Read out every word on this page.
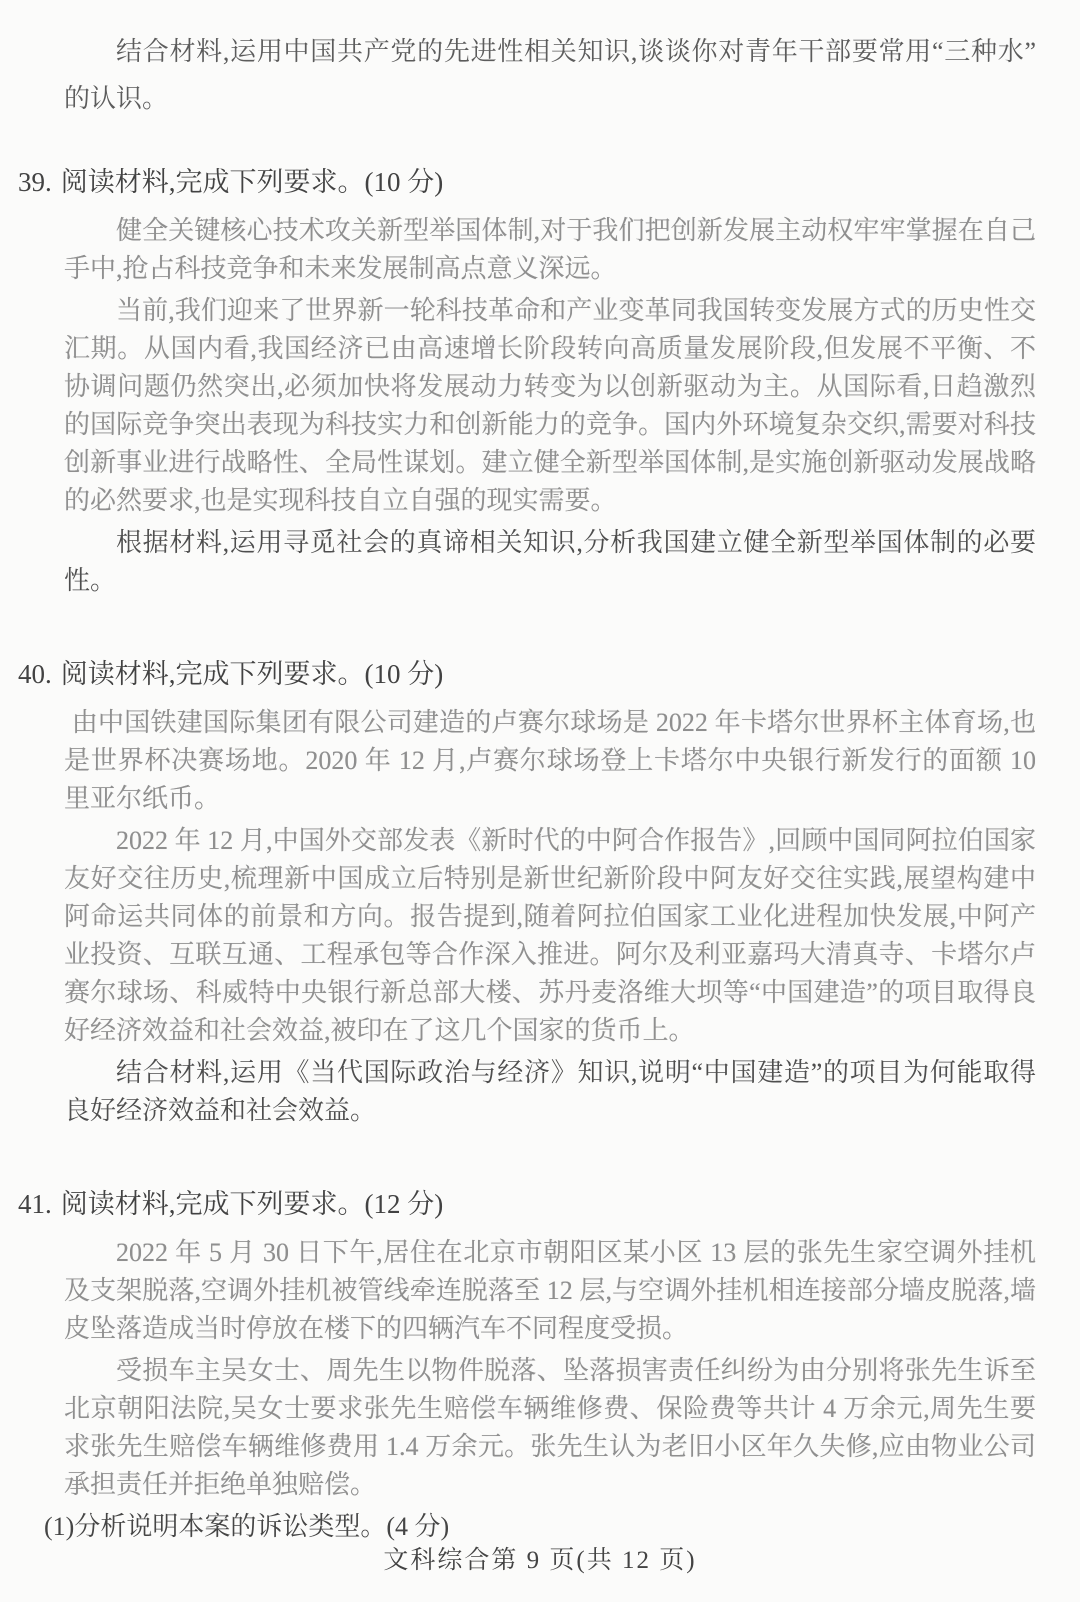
结合材料,运用中国共产党的先进性相关知识,谈谈你对青年干部要常用“三种水”的认识。

39. 阅读材料,完成下列要求。(10 分)

健全关键核心技术攻关新型举国体制,对于我们把创新发展主动权牢牢掌握在自己手中,抢占科技竞争和未来发展制高点意义深远。

当前,我们迎来了世界新一轮科技革命和产业变革同我国转变发展方式的历史性交汇期。从国内看,我国经济已由高速增长阶段转向高质量发展阶段,但发展不平衡、不协调问题仍然突出,必须加快将发展动力转变为以创新驱动为主。从国际看,日趋激烈的国际竞争突出表现为科技实力和创新能力的竞争。国内外环境复杂交织,需要对科技创新事业进行战略性、全局性谋划。建立健全新型举国体制,是实施创新驱动发展战略的必然要求,也是实现科技自立自强的现实需要。

根据材料,运用寻觅社会的真谛相关知识,分析我国建立健全新型举国体制的必要性。

40. 阅读材料,完成下列要求。(10 分)

由中国铁建国际集团有限公司建造的卢赛尔球场是 2022 年卡塔尔世界杯主体育场,也是世界杯决赛场地。2020 年 12 月,卢赛尔球场登上卡塔尔中央银行新发行的面额 10 里亚尔纸币。

2022 年 12 月,中国外交部发表《新时代的中阿合作报告》,回顾中国同阿拉伯国家友好交往历史,梳理新中国成立后特别是新世纪新阶段中阿友好交往实践,展望构建中阿命运共同体的前景和方向。报告提到,随着阿拉伯国家工业化进程加快发展,中阿产业投资、互联互通、工程承包等合作深入推进。阿尔及利亚嘉玛大清真寺、卡塔尔卢赛尔球场、科威特中央银行新总部大楼、苏丹麦洛维大坝等“中国建造”的项目取得良好经济效益和社会效益,被印在了这几个国家的货币上。

结合材料,运用《当代国际政治与经济》知识,说明“中国建造”的项目为何能取得良好经济效益和社会效益。

41. 阅读材料,完成下列要求。(12 分)

2022 年 5 月 30 日下午,居住在北京市朝阳区某小区 13 层的张先生家空调外挂机及支架脱落,空调外挂机被管线牵连脱落至 12 层,与空调外挂机相连接部分墙皮脱落,墙皮坠落造成当时停放在楼下的四辆汽车不同程度受损。

受损车主吴女士、周先生以物件脱落、坠落损害责任纠纷为由分别将张先生诉至北京朝阳法院,吴女士要求张先生赔偿车辆维修费、保险费等共计 4 万余元,周先生要求张先生赔偿车辆维修费用 1.4 万余元。张先生认为老旧小区年久失修,应由物业公司承担责任并拒绝单独赔偿。

(1)分析说明本案的诉讼类型。(4 分)

文科综合第 9 页(共 12 页)
